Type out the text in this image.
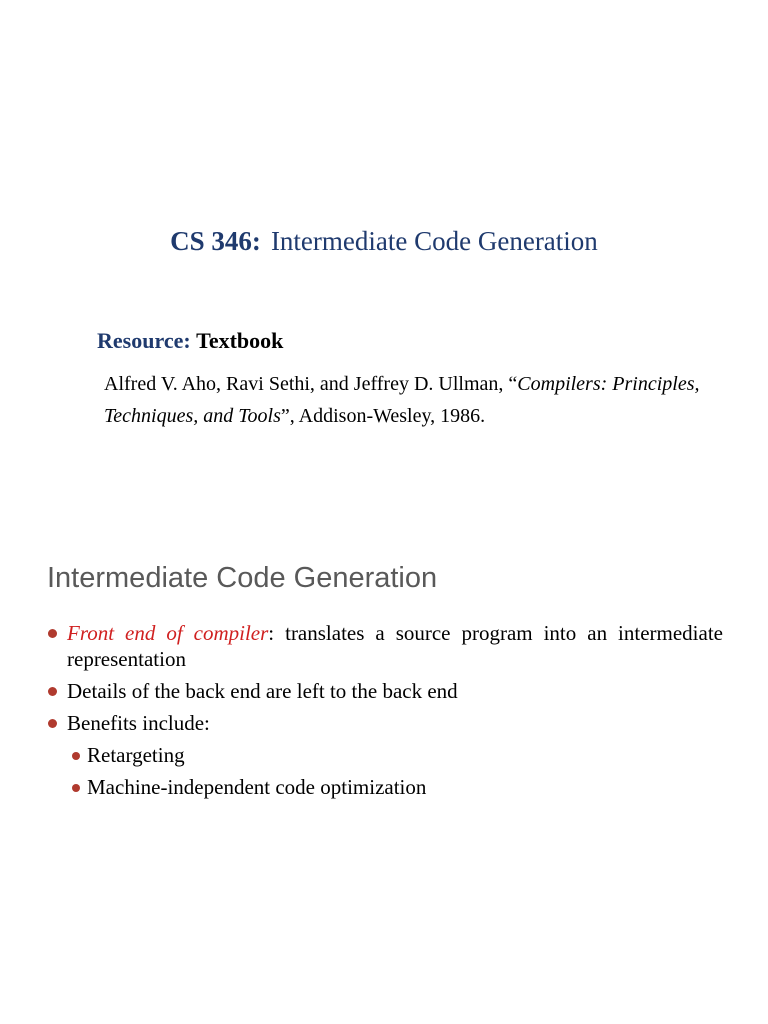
CS 346: Intermediate Code Generation
Resource: Textbook
Alfred V. Aho, Ravi Sethi, and Jeffrey D. Ullman, “Compilers: Principles, Techniques, and Tools”, Addison-Wesley, 1986.
Intermediate Code Generation
Front end of compiler: translates a source program into an intermediate representation
Details of the back end are left to the back end
Benefits include:
Retargeting
Machine-independent code optimization
